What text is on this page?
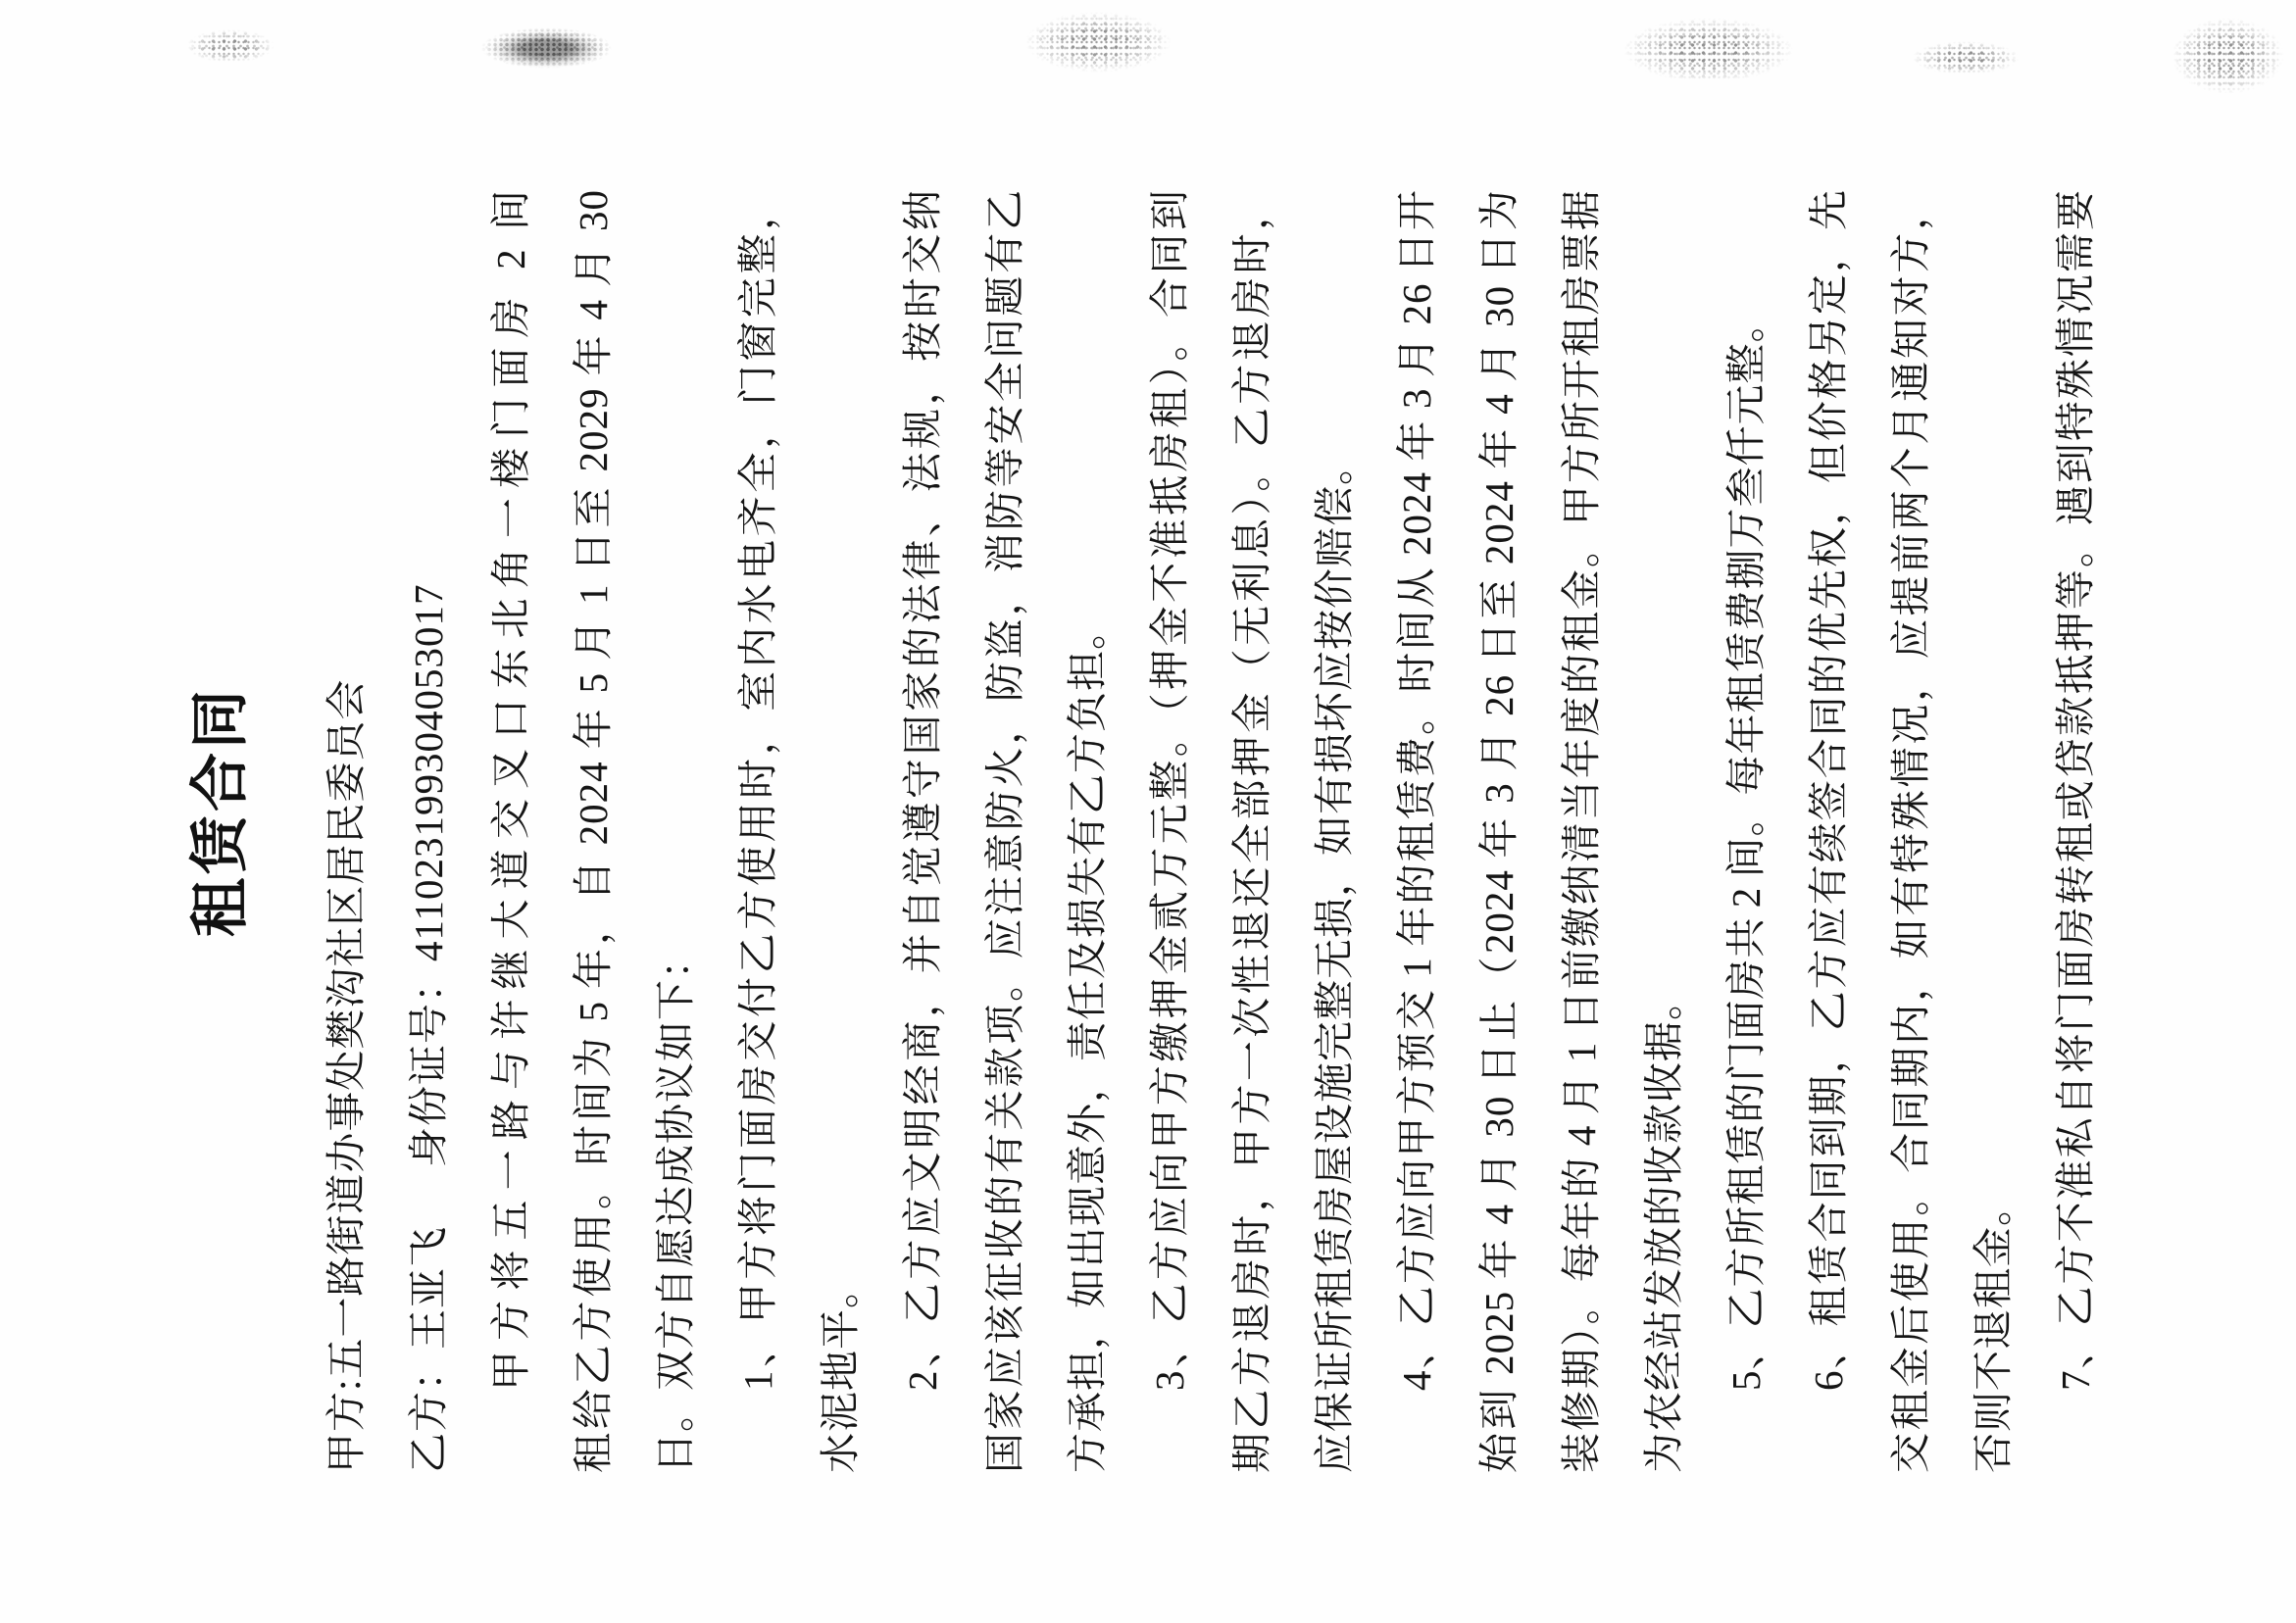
租赁合同
甲方:五一路街道办事处樊沟社区居民委员会
乙方：王亚飞身份证号：411023199304053017 甲方将五一路与许继大道交叉口东北角一楼门面房 2 间 租给乙方使用。时间为 5 年，自 2024 年 5 月 1 日至 2029 年 4 月 30 日。双方自愿达成协议如下： 1、甲方将门面房交付乙方使用时，室内水电齐全，门窗完整， 水泥地平。 2、乙方应文明经商，并自觉遵守国家的法律、法规，按时交纳 国家应该征收的有关款项。应注意防火，防盗，消防等安全问题有乙 方承担，如出现意外，责任及损失有乙方负担。 3、乙方应向甲方缴押金贰万元整。（押金不准抵房租）。合同到 期乙方退房时，甲方一次性退还全部押金（无利息）。乙方退房时， 应保证所租赁房屋设施完整无损，如有损坏应按价赔偿。 4、乙方应向甲方预交 1 年的租赁费。时间从 2024 年 3 月 26 日开 始到 2025 年 4 月 30 日止（2024 年 3 月 26 日至 2024 年 4 月 30 日为 装修期）。每年的 4 月 1 日前缴纳清当年度的租金。甲方所开租房票据 为农经站发放的收款收据。 5、乙方所租赁的门面房共 2 间。每年租赁费捌万叁仟元整。 6、租赁合同到期，乙方应有续签合同的优先权，但价格另定，先 交租金后使用。合同期内，如有特殊情况，应提前两个月通知对方， 否则不退租金。 7、乙方不准私自将门面房转租或贷款抵押等。遇到特殊情况需要
